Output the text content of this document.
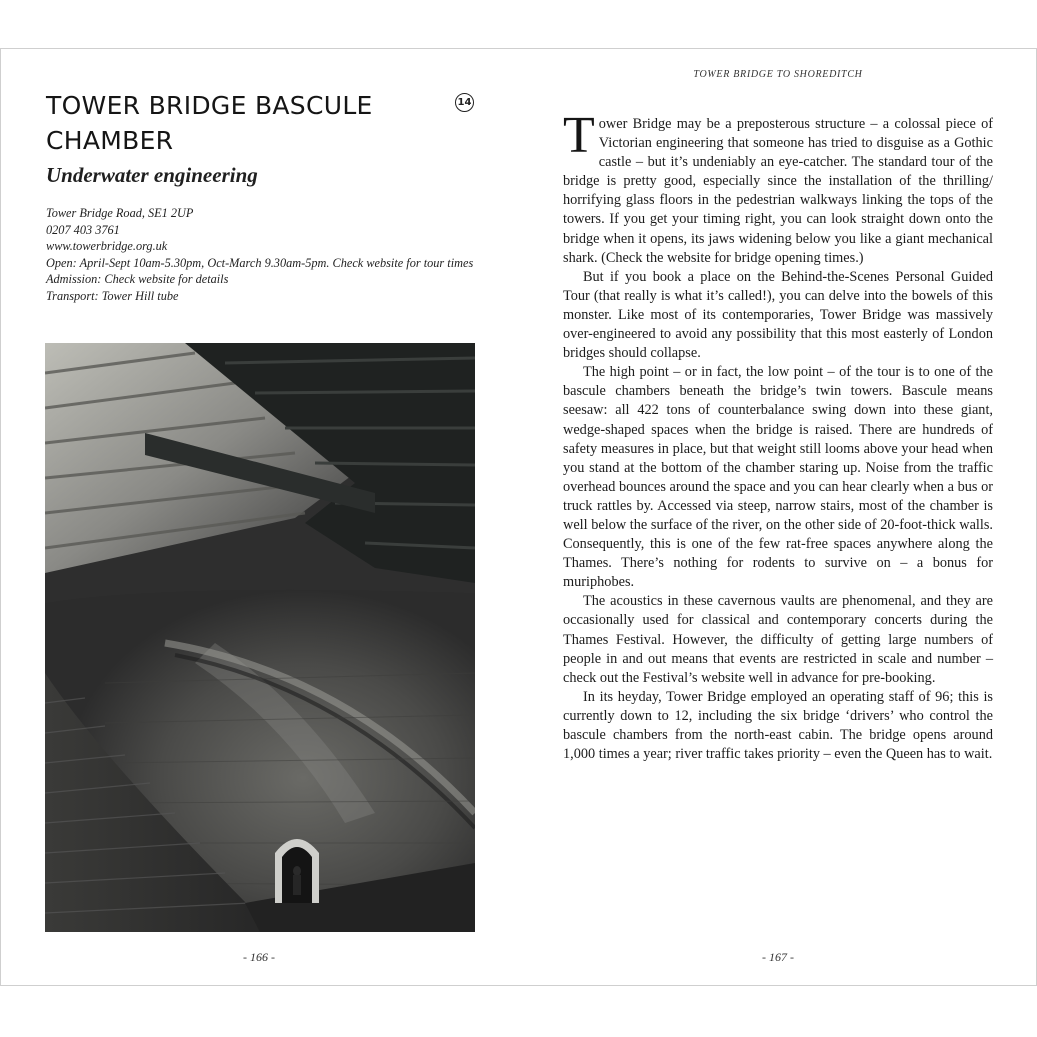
TOWER BRIDGE BASCULE CHAMBER
14
Underwater engineering
Tower Bridge Road, SE1 2UP
0207 403 3761
www.towerbridge.org.uk
Open: April-Sept 10am-5.30pm, Oct-March 9.30am-5pm. Check website for tour times
Admission: Check website for details
Transport: Tower Hill tube
- 166 -
TOWER BRIDGE TO SHOREDITCH

Tower Bridge may be a preposterous structure – a colossal piece of Victorian engineering that someone has tried to disguise as a Gothic castle – but it’s undeniably an eye-catcher. The standard tour of the bridge is pretty good, especially since the installation of the thrilling/ horrifying glass floors in the pedestrian walkways linking the tops of the towers. If you get your timing right, you can look straight down onto the bridge when it opens, its jaws widening below you like a giant mechanical shark. (Check the website for bridge opening times.)

But if you book a place on the Behind-the-Scenes Personal Guided Tour (that really is what it’s called!), you can delve into the bowels of this monster. Like most of its contemporaries, Tower Bridge was massively over-engineered to avoid any possibility that this most easterly of London bridges should collapse.

The high point – or in fact, the low point – of the tour is to one of the bascule chambers beneath the bridge’s twin towers. Bascule means seesaw: all 422 tons of counterbalance swing down into these giant, wedge-shaped spaces when the bridge is raised. There are hundreds of safety measures in place, but that weight still looms above your head when you stand at the bottom of the chamber staring up. Noise from the traffic overhead bounces around the space and you can hear clearly when a bus or truck rattles by. Accessed via steep, narrow stairs, most of the chamber is well below the surface of the river, on the other side of 20-foot-thick walls. Consequently, this is one of the few rat-free spaces anywhere along the Thames. There’s nothing for rodents to survive on – a bonus for muriphobes.

The acoustics in these cavernous vaults are phenomenal, and they are occasionally used for classical and contemporary concerts during the Thames Festival. However, the difficulty of getting large numbers of people in and out means that events are restricted in scale and number – check out the Festival’s website well in advance for pre-booking.

In its heyday, Tower Bridge employed an operating staff of 96; this is currently down to 12, including the six bridge ‘drivers’ who control the bascule chambers from the north-east cabin. The bridge opens around 1,000 times a year; river traffic takes priority – even the Queen has to wait.

- 167 -
